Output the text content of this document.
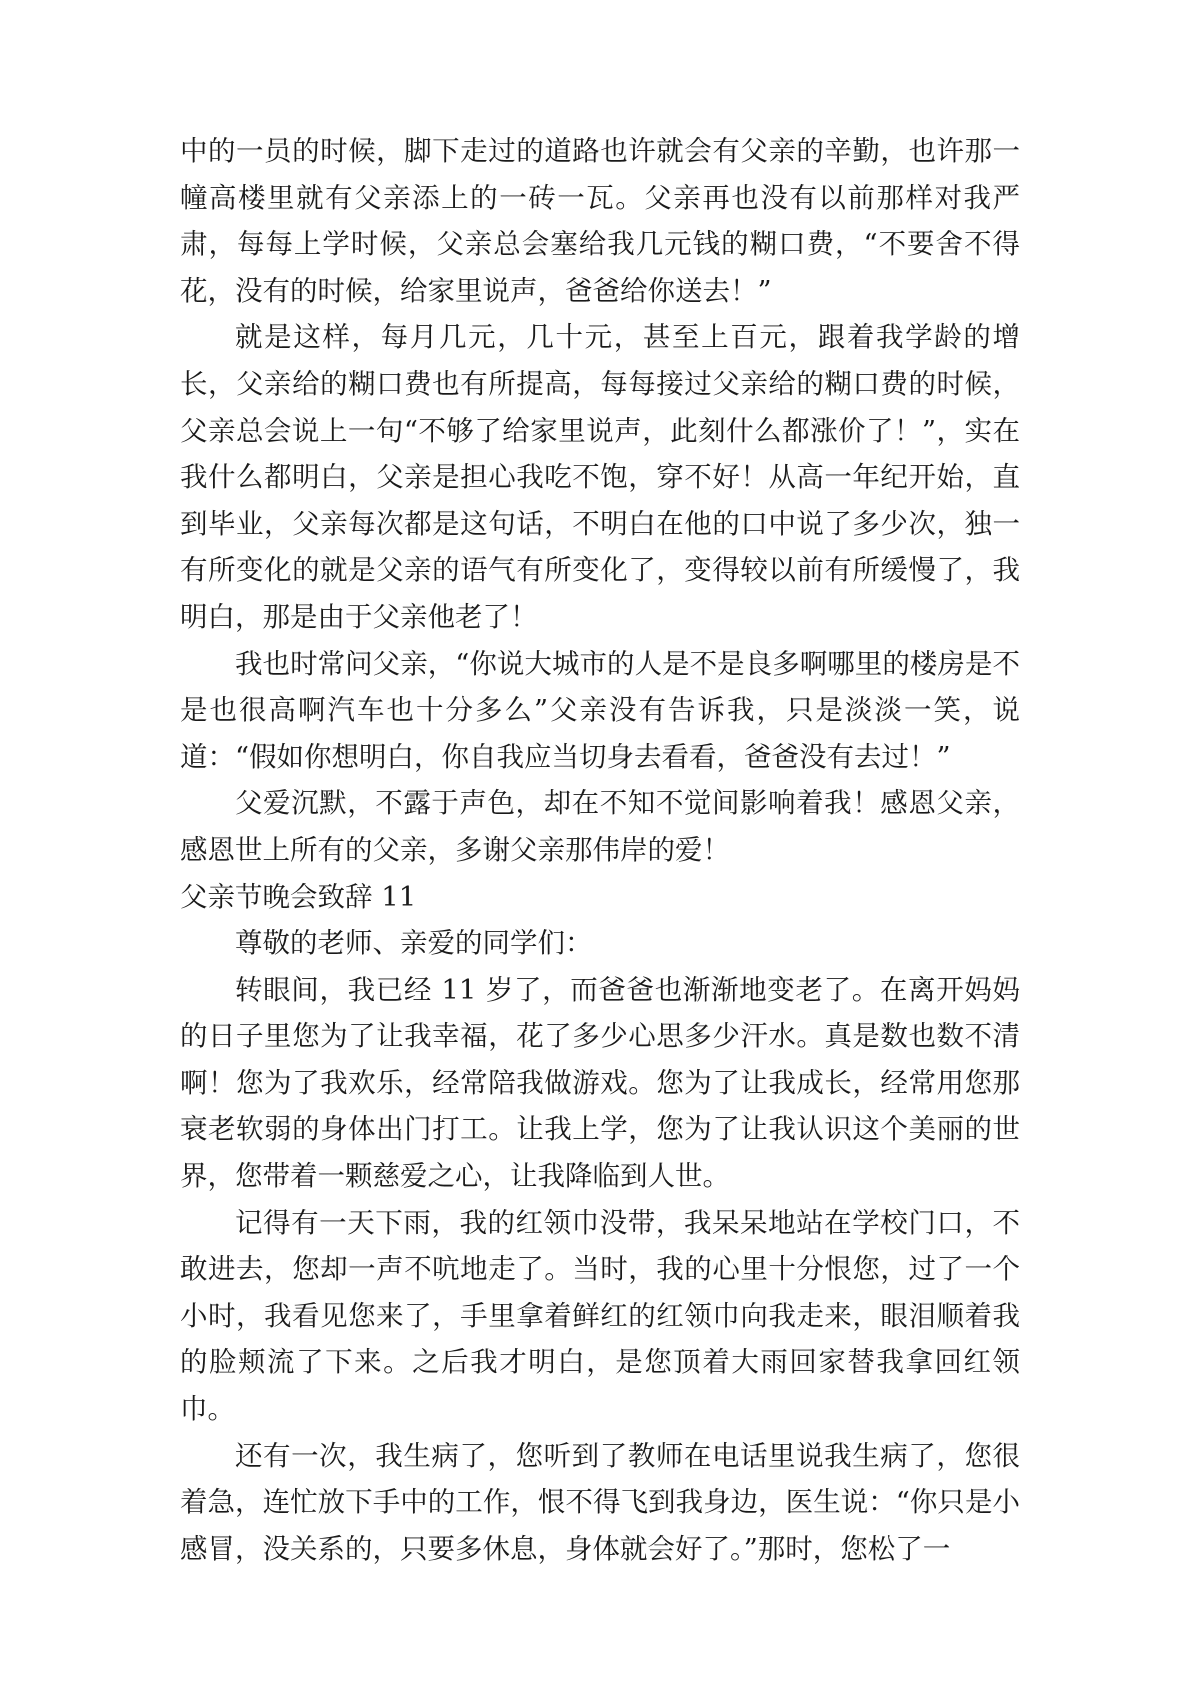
中的一员的时候，脚下走过的道路也许就会有父亲的辛勤，也许那一幢高楼里就有父亲添上的一砖一瓦。父亲再也没有以前那样对我严肃，每每上学时候，父亲总会塞给我几元钱的糊口费，“不要舍不得花，没有的时候，给家里说声，爸爸给你送去！”

就是这样，每月几元，几十元，甚至上百元，跟着我学龄的增长，父亲给的糊口费也有所提高，每每接过父亲给的糊口费的时候，父亲总会说上一句“不够了给家里说声，此刻什么都涨价了！”，实在我什么都明白，父亲是担心我吃不饱，穿不好！从高一年纪开始，直到毕业，父亲每次都是这句话，不明白在他的口中说了多少次，独一有所变化的就是父亲的语气有所变化了，变得较以前有所缓慢了，我明白，那是由于父亲他老了！

我也时常问父亲，“你说大城市的人是不是良多啊哪里的楼房是不是也很高啊汽车也十分多么”父亲没有告诉我，只是淡淡一笑，说道：“假如你想明白，你自我应当切身去看看，爸爸没有去过！”

父爱沉默，不露于声色，却在不知不觉间影响着我！感恩父亲，感恩世上所有的父亲，多谢父亲那伟岸的爱！

父亲节晚会致辞 11

尊敬的老师、亲爱的同学们：

转眼间，我已经 11 岁了，而爸爸也渐渐地变老了。在离开妈妈的日子里您为了让我幸福，花了多少心思多少汗水。真是数也数不清啊！您为了我欢乐，经常陪我做游戏。您为了让我成长，经常用您那衰老软弱的身体出门打工。让我上学，您为了让我认识这个美丽的世界，您带着一颗慈爱之心，让我降临到人世。

记得有一天下雨，我的红领巾没带，我呆呆地站在学校门口，不敢进去，您却一声不吭地走了。当时，我的心里十分恨您，过了一个小时，我看见您来了，手里拿着鲜红的红领巾向我走来，眼泪顺着我的脸颊流了下来。之后我才明白，是您顶着大雨回家替我拿回红领巾。

还有一次，我生病了，您听到了教师在电话里说我生病了，您很着急，连忙放下手中的工作，恨不得飞到我身边，医生说：“你只是小感冒，没关系的，只要多休息，身体就会好了。”那时，您松了一
